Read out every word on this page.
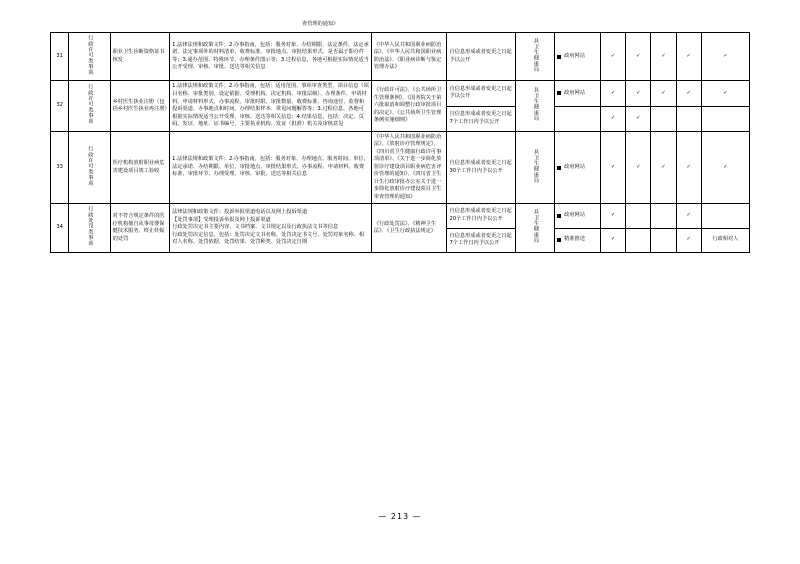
查管理的通知》
31	行政许可类事项	职业卫生诊断资格证书核发	1.法律法规和政策文件；2.办事指南，包括：服务对象、办结期限、法定条件、法定承诺、法定事项外的材料清单、收费标准、审批地点、审批结果形式、是否属于即办件等；3.通办范围、特殊环节、办理条件图示等；3.过程信息，各地可根据实际情况适当公开受理、审核、审批、送达等相关信息	《中华人民共和国职业病防治法》、《中华人民共和国职业病防治法》、《职业病诊断与鉴定管理办法》	自信息形成或者变更之日起予以公开	县卫生健康局	政府网站	✓	✓	✓	✓	✓
32	行政许可类事项	乡村医生执业注册（包括乡村医生执业再注册）	1.法律法规和政策文件；2.办事指南，包括：适用范围、事项审查类型、项目信息（项目名称、审批类别、设定依据、受理机构、决定机构、审批层级）、办理条件、申请材料、申请材料形式、办事流程、审批时限、审批数量、收费标准、咨询途径、监督和投诉渠道、办事地点和时间、办理结果样本、常见问题解答等；3.过程信息，各地可根据实际情况适当公开受理、审核、送达等相关信息；4.结果信息，包括：决定、页码、发证、地址、证书编号、主要执业机构、发证（批准）机关及审核意见	《行政许可法》、《公共场所卫生管理条例》、《国务院关于第六批取消和调整行政审批项目的决定》、《公共场所卫生管理条例实施细则》	自信息形成或者变更之日起予以公开	县卫生健康局	政府网站	✓	✓	✓	✓	✓
					自信息形成或者变更之日起7个工作日内予以公开			✓	✓			
33	行政许可类事项	医疗机构放射职业病危害建设项目竣工验收	1.法律法规和政策文件；2.办事指南，包括：服务对象、办理地点、服务时间、单位、法定承诺、办结期限、单位、审批地点、审批结果形式、办事流程、申请材料、收费标准、审批环节、办理受理、审核、审批、送达等相关信息	《中华人民共和国职业病防治法》、《放射诊疗管理规定》、《四川省卫生健康行政许可事项清单》、《关于进一步简化放射诊疗建设项目职业病危害评价管理的通知》、《四川省卫生计生行政审批办公室关于进一步简化放射诊疗建设项目卫生审查管理的通知》	自信息形成或者变更之日起30个工作日内予以公开	县卫生健康局	政府网站	✓	✓	✓	✓	✓
34	行政处罚类事项	对不符合规定条件的医疗机构擅自从事母婴保健技术服务、终止妊娠的处罚	法律法规和政策文件；投诉举报渠道电话以及网上投诉渠道
【处罚事项】受理投诉举报及网上投诉渠道
行政处罚决定书主要内容、文书档案、文书规定以及行政执法文书等信息
行政处罚决定信息，包括：处罚决定文书名称、处罚决定书文号、处罚对象名称、相对人名称、处罚依据、处罚结果、处罚种类、处罚决定日期	《行政处罚法》、《精神卫生法》、《卫生行政执法规定》	自信息形成或者变更之日起20个工作日内予以公开	县卫生健康局	政府网站	✓			✓	
					自信息形成或者变更之日起7个工作日内予以公开		精准推送	✓			✓	行政相对人
— 213 —
